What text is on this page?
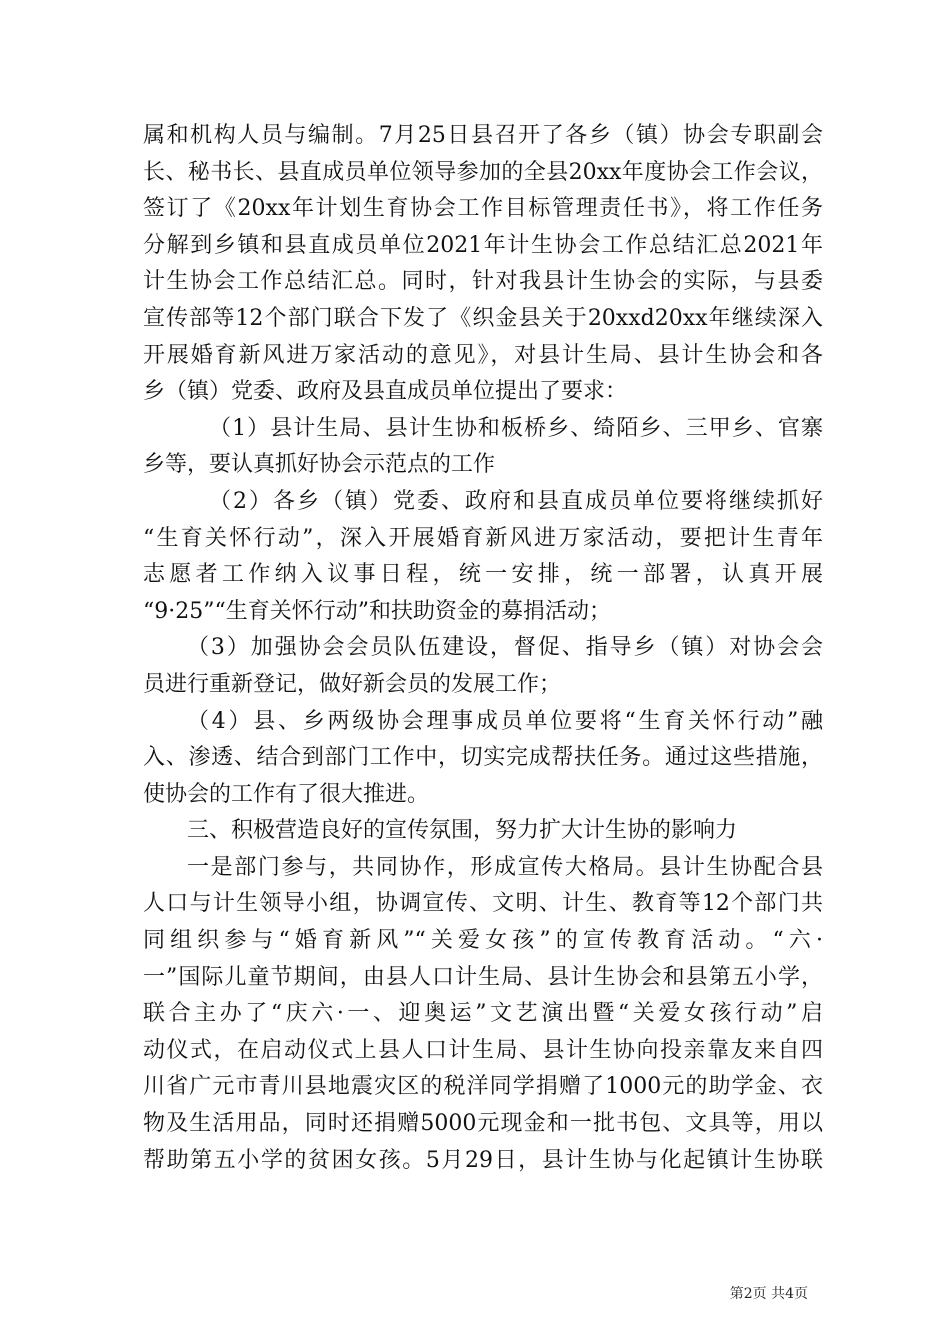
属和机构人员与编制。7月25日县召开了各乡（镇）协会专职副会
长、秘书长、县直成员单位领导参加的全县20xx年度协会工作会议，
签订了《20xx年计划生育协会工作目标管理责任书》，将工作任务
分解到乡镇和县直成员单位2021年计生协会工作总结汇总2021年
计生协会工作总结汇总。同时，针对我县计生协会的实际，与县委
宣传部等12个部门联合下发了《织金县关于20xxd20xx年继续深入
开展婚育新风进万家活动的意见》，对县计生局、县计生协会和各
乡（镇）党委、政府及县直成员单位提出了要求：
（1）县计生局、县计生协和板桥乡、绮陌乡、三甲乡、官寨
乡等，要认真抓好协会示范点的工作
（2）各乡（镇）党委、政府和县直成员单位要将继续抓好
“生育关怀行动”，深入开展婚育新风进万家活动，要把计生青年
志愿者工作纳入议事日程，统一安排，统一部署，认真开展
“9·25”“生育关怀行动”和扶助资金的募捐活动；
（3）加强协会会员队伍建设，督促、指导乡（镇）对协会会
员进行重新登记，做好新会员的发展工作；
（4）县、乡两级协会理事成员单位要将“生育关怀行动”融
入、渗透、结合到部门工作中，切实完成帮扶任务。通过这些措施，
使协会的工作有了很大推进。
三、积极营造良好的宣传氛围，努力扩大计生协的影响力
一是部门参与，共同协作，形成宣传大格局。县计生协配合县
人口与计生领导小组，协调宣传、文明、计生、教育等12个部门共
同组织参与“婚育新风”“关爱女孩”的宣传教育活动。“六·
一”国际儿童节期间，由县人口计生局、县计生协会和县第五小学，
联合主办了“庆六·一、迎奥运”文艺演出暨“关爱女孩行动”启
动仪式，在启动仪式上县人口计生局、县计生协向投亲靠友来自四
川省广元市青川县地震灾区的税洋同学捐赠了1000元的助学金、衣
物及生活用品，同时还捐赠5000元现金和一批书包、文具等，用以
帮助第五小学的贫困女孩。5月29日，县计生协与化起镇计生协联
第2页 共4页
